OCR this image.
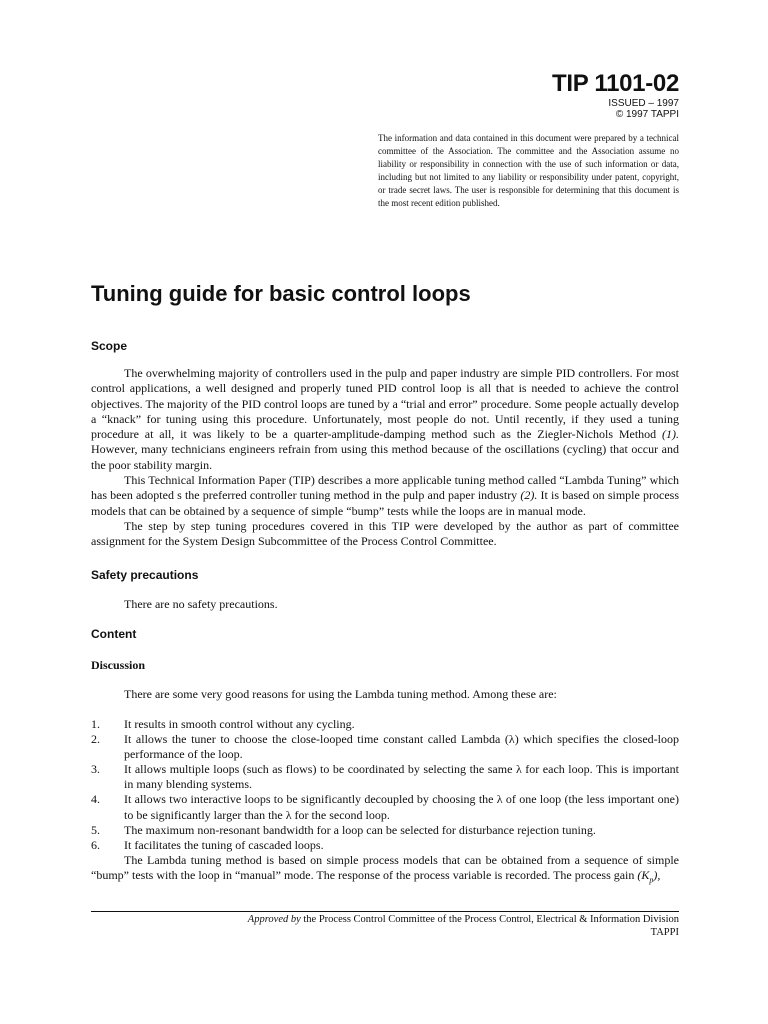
TIP 1101-02
ISSUED – 1997
© 1997 TAPPI
The information and data contained in this document were prepared by a technical committee of the Association. The committee and the Association assume no liability or responsibility in connection with the use of such information or data, including but not limited to any liability or responsibility under patent, copyright, or trade secret laws. The user is responsible for determining that this document is the most recent edition published.
Tuning guide for basic control loops
Scope

The overwhelming majority of controllers used in the pulp and paper industry are simple PID controllers. For most control applications, a well designed and properly tuned PID control loop is all that is needed to achieve the control objectives. The majority of the PID control loops are tuned by a “trial and error” procedure. Some people actually develop a “knack” for tuning using this procedure. Unfortunately, most people do not. Until recently, if they used a tuning procedure at all, it was likely to be a quarter-amplitude-damping method such as the Ziegler-Nichols Method (1). However, many technicians engineers refrain from using this method because of the oscillations (cycling) that occur and the poor stability margin.

This Technical Information Paper (TIP) describes a more applicable tuning method called “Lambda Tuning” which has been adopted s the preferred controller tuning method in the pulp and paper industry (2). It is based on simple process models that can be obtained by a sequence of simple “bump” tests while the loops are in manual mode.

The step by step tuning procedures covered in this TIP were developed by the author as part of committee assignment for the System Design Subcommittee of the Process Control Committee.

Safety precautions
There are no safety precautions.
Content
Discussion
There are some very good reasons for using the Lambda tuning method. Among these are:
1.	It results in smooth control without any cycling.
2.	It allows the tuner to choose the close-looped time constant called Lambda (λ) which specifies the closed-loop performance of the loop.
3.	It allows multiple loops (such as flows) to be coordinated by selecting the same λ for each loop. This is important in many blending systems.
4.	It allows two interactive loops to be significantly decoupled by choosing the λ of one loop (the less important one) to be significantly larger than the λ for the second loop.
5.	The maximum non-resonant bandwidth for a loop can be selected for disturbance rejection tuning.
6.	It facilitates the tuning of cascaded loops.

The Lambda tuning method is based on simple process models that can be obtained from a sequence of simple “bump” tests with the loop in “manual” mode. The response of the process variable is recorded. The process gain $(K_p)$,

Approved by the Process Control Committee of the Process Control, Electrical & Information Division
TAPPI
